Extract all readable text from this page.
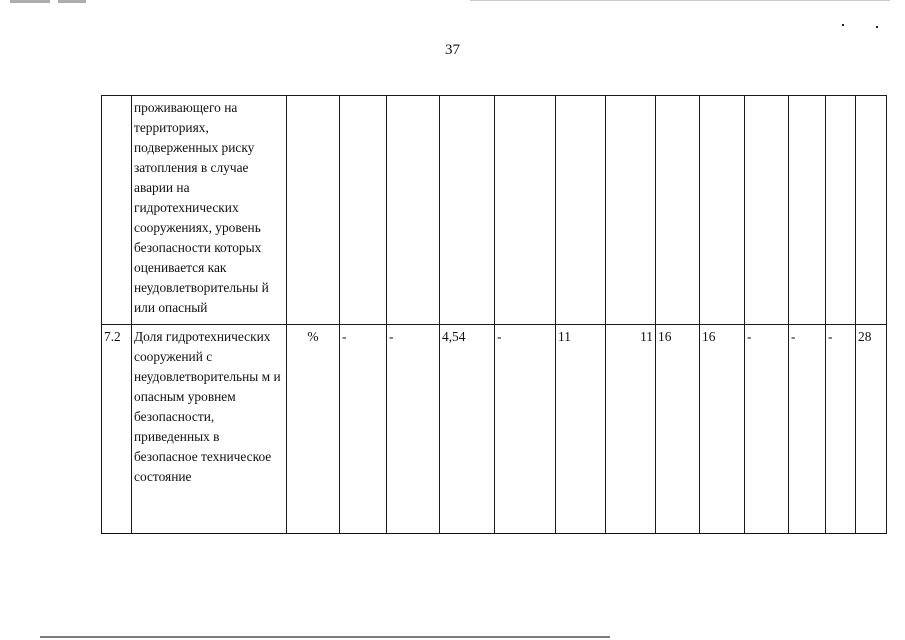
37
	проживающего на территориях, подверженных риску затопления в случае аварии на гидротехнических сооружениях, уровень безопасности которых оценивается как неудовлетворительны й или опасный													
7.2	Доля гидротехнических сооружений с неудовлетворительны м и опасным уровнем безопасности, приведенных в безопасное техническое состояние	%	-	-	4,54	-	11	11	16	16	-	-	-	28
